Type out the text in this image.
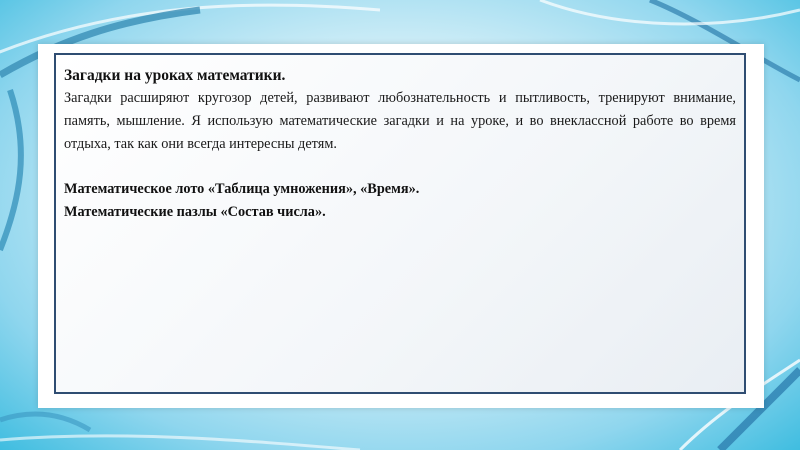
Загадки на уроках математики.

Загадки расширяют кругозор детей, развивают любознательность и пытливость, тренируют внимание, память, мышление. Я использую математические загадки и на уроке, и во внеклассной работе во время отдыха, так как они всегда интересны детям.

Математическое лото «Таблица умножения», «Время».

Математические пазлы «Состав числа».
